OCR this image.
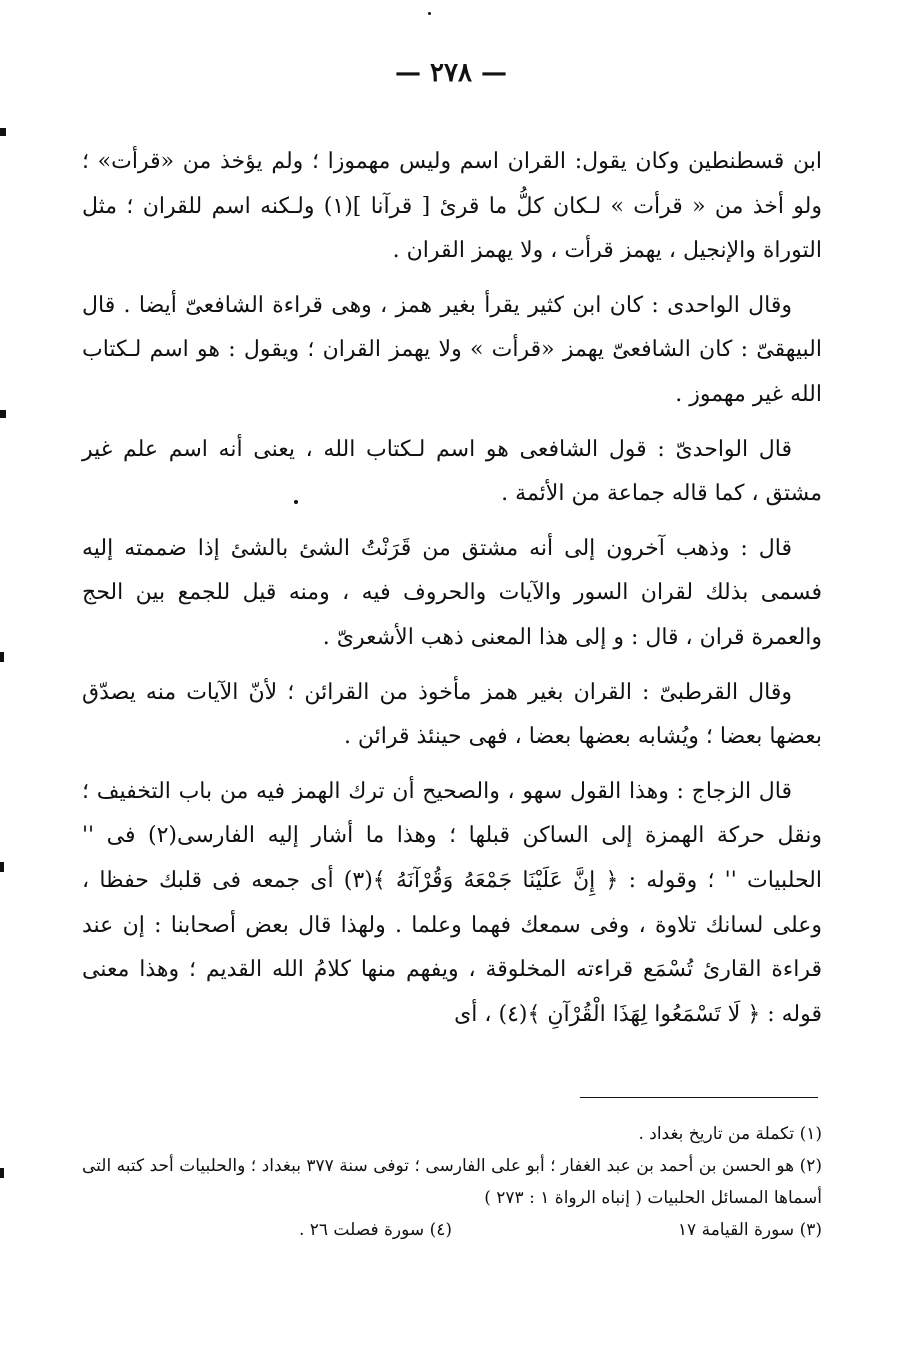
— ٢٧٨ —

ابن قسطنطين وكان يقول: القران اسم وليس مهموزا ؛ ولم يؤخذ من «قرأت» ؛ ولو أخذ من « قرأت » لـكان كلُّ ما قرئ [ قرآنا ](١) ولـكنه اسم للقران ؛ مثل التوراة والإنجيل ، يهمز قرأت ، ولا يهمز القران .

وقال الواحدى : كان ابن كثير يقرأ بغير همز ، وهى قراءة الشافعىّ أيضا . قال البيهقىّ : كان الشافعىّ يهمز «قرأت » ولا يهمز القران ؛ ويقول : هو اسم لـكتاب الله غير مهموز .

قال الواحدىّ : قول الشافعى هو اسم لـكتاب الله ، يعنى أنه اسم علم غير مشتق ، كما قاله جماعة من الأئمة .

قال : وذهب آخرون إلى أنه مشتق من قَرَنْتُ الشئ بالشئ إذا ضممته إليه فسمى بذلك لقران السور والآيات والحروف فيه ، ومنه قيل للجمع بين الحج والعمرة قران ، قال : و إلى هذا المعنى ذهب الأشعرىّ .

وقال القرطبىّ : القران بغير همز مأخوذ من القرائن ؛ لأنّ الآيات منه يصدّق بعضها بعضا ؛ ويُشابه بعضها بعضا ، فهى حينئذ قرائن .

قال الزجاج : وهذا القول سهو ، والصحيح أن ترك الهمز فيه من باب التخفيف ؛ ونقل حركة الهمزة إلى الساكن قبلها ؛ وهذا ما أشار إليه الفارسى(٢) فى '' الحلبيات '' ؛ وقوله : ﴿ إِنَّ عَلَيْنَا جَمْعَهُ وَقُرْآنَهُ ﴾(٣) أى جمعه فى قلبك حفظا ، وعلى لسانك تلاوة ، وفى سمعك فهما وعلما . ولهذا قال بعض أصحابنا : إن عند قراءة القارئ تُسْمَع قراءته المخلوقة ، ويفهم منها كلامُ الله القديم ؛ وهذا معنى قوله : ﴿ لَا تَسْمَعُوا لِهَذَا الْقُرْآنِ ﴾(٤) ، أى

(١) تكملة من تاريخ بغداد .

(٢) هو الحسن بن أحمد بن عبد الغفار ؛ أبو على الفارسى ؛ توفى سنة ٣٧٧ ببغداد ؛ والحلبيات أحد كتبه التى أسماها المسائل الحلبيات ( إنباه الرواة ١ : ٢٧٣ )

(٣) سورة القيامة ١٧
(٤) سورة فصلت ٢٦ .
